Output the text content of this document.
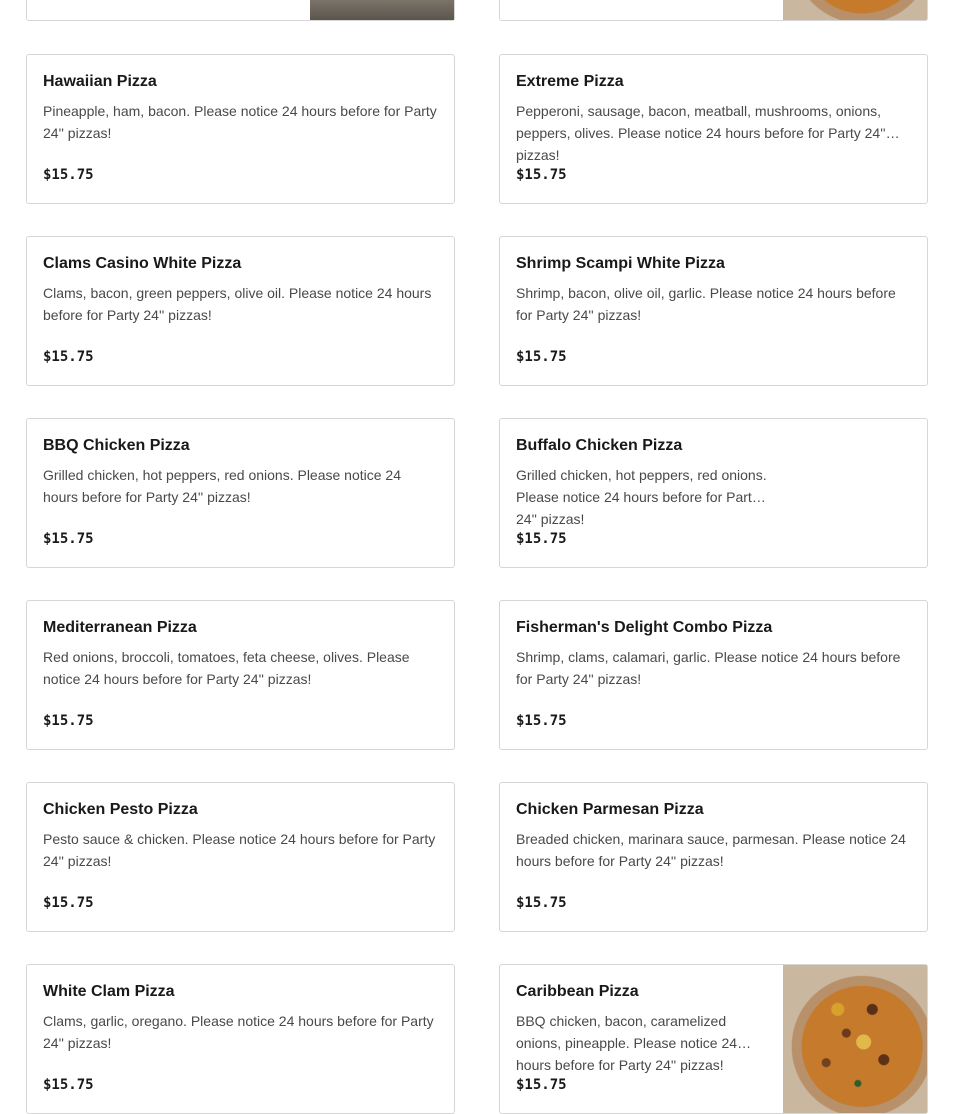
Hawaiian Pizza
Pineapple, ham, bacon. Please notice 24 hours before for Party 24'' pizzas!
$15.75
Extreme Pizza
Pepperoni, sausage, bacon, meatball, mushrooms, onions, peppers, olives. Please notice 24 hours before for Party 24'' pizzas!
$15.75
Clams Casino White Pizza
Clams, bacon, green peppers, olive oil. Please notice 24 hours before for Party 24'' pizzas!
$15.75
Shrimp Scampi White Pizza
Shrimp, bacon, olive oil, garlic. Please notice 24 hours before for Party 24'' pizzas!
$15.75
BBQ Chicken Pizza
Grilled chicken, hot peppers, red onions. Please notice 24 hours before for Party 24'' pizzas!
$15.75
Buffalo Chicken Pizza
Grilled chicken, hot peppers, red onions. Please notice 24 hours before for Party 24'' pizzas!
$15.75
Mediterranean Pizza
Red onions, broccoli, tomatoes, feta cheese, olives. Please notice 24 hours before for Party 24'' pizzas!
$15.75
Fisherman's Delight Combo Pizza
Shrimp, clams, calamari, garlic. Please notice 24 hours before for Party 24'' pizzas!
$15.75
Chicken Pesto Pizza
Pesto sauce & chicken. Please notice 24 hours before for Party 24'' pizzas!
$15.75
Chicken Parmesan Pizza
Breaded chicken, marinara sauce, parmesan. Please notice 24 hours before for Party 24'' pizzas!
$15.75
White Clam Pizza
Clams, garlic, oregano. Please notice 24 hours before for Party 24'' pizzas!
$15.75
Caribbean Pizza
BBQ chicken, bacon, caramelized onions, pineapple. Please notice 24 hours before for Party 24'' pizzas!
$15.75
